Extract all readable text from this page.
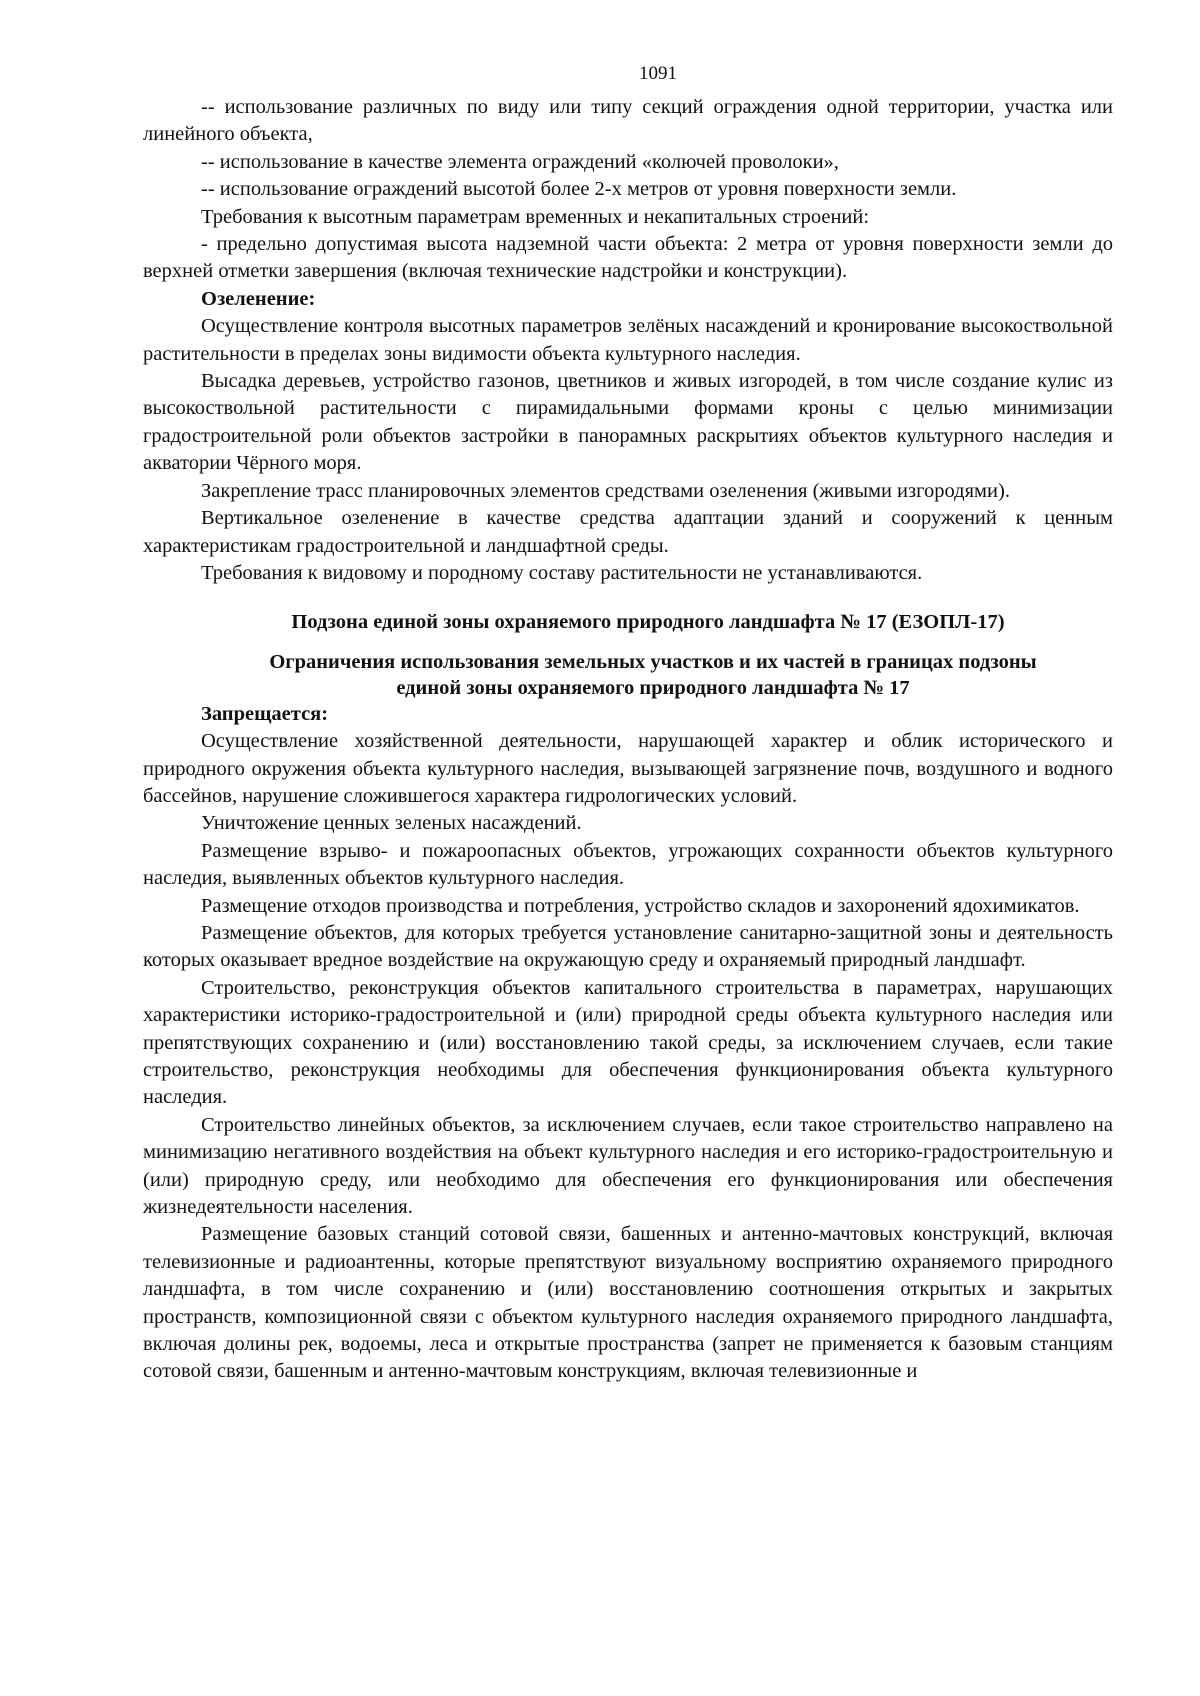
1091

-- использование различных по виду или типу секций ограждения одной территории, участка или линейного объекта,

-- использование в качестве элемента ограждений «колючей проволоки»,

-- использование ограждений высотой более 2-х метров от уровня поверхности земли.

Требования к высотным параметрам временных и некапитальных строений:

- предельно допустимая высота надземной части объекта: 2 метра от уровня поверхности земли до верхней отметки завершения (включая технические надстройки и конструкции).

Озеленение:

Осуществление контроля высотных параметров зелёных насаждений и кронирование высокоствольной растительности в пределах зоны видимости объекта культурного наследия.

Высадка деревьев, устройство газонов, цветников и живых изгородей, в том числе создание кулис из высокоствольной растительности с пирамидальными формами кроны с целью минимизации градостроительной роли объектов застройки в панорамных раскрытиях объектов культурного наследия и акватории Чёрного моря.

Закрепление трасс планировочных элементов средствами озеленения (живыми изгородями).

Вертикальное озеленение в качестве средства адаптации зданий и сооружений к ценным характеристикам градостроительной и ландшафтной среды.

Требования к видовому и породному составу растительности не устанавливаются.

Подзона единой зоны охраняемого природного ландшафта № 17 (ЕЗОПЛ-17)
Ограничения использования земельных участков и их частей в границах подзоны
единой зоны охраняемого природного ландшафта № 17
Запрещается:

Осуществление хозяйственной деятельности, нарушающей характер и облик исторического и природного окружения объекта культурного наследия, вызывающей загрязнение почв, воздушного и водного бассейнов, нарушение сложившегося характера гидрологических условий.

Уничтожение ценных зеленых насаждений.

Размещение взрыво- и пожароопасных объектов, угрожающих сохранности объектов культурного наследия, выявленных объектов культурного наследия.

Размещение отходов производства и потребления, устройство складов и захоронений ядохимикатов.

Размещение объектов, для которых требуется установление санитарно-защитной зоны и деятельность которых оказывает вредное воздействие на окружающую среду и охраняемый природный ландшафт.

Строительство, реконструкция объектов капитального строительства в параметрах, нарушающих характеристики историко-градостроительной и (или) природной среды объекта культурного наследия или препятствующих сохранению и (или) восстановлению такой среды, за исключением случаев, если такие строительство, реконструкция необходимы для обеспечения функционирования объекта культурного наследия.

Строительство линейных объектов, за исключением случаев, если такое строительство направлено на минимизацию негативного воздействия на объект культурного наследия и его историко-градостроительную и (или) природную среду, или необходимо для обеспечения его функционирования или обеспечения жизнедеятельности населения.

Размещение базовых станций сотовой связи, башенных и антенно-мачтовых конструкций, включая телевизионные и радиоантенны, которые препятствуют визуальному восприятию охраняемого природного ландшафта, в том числе сохранению и (или) восстановлению соотношения открытых и закрытых пространств, композиционной связи с объектом культурного наследия охраняемого природного ландшафта, включая долины рек, водоемы, леса и открытые пространства (запрет не применяется к базовым станциям сотовой связи, башенным и антенно-мачтовым конструкциям, включая телевизионные и
